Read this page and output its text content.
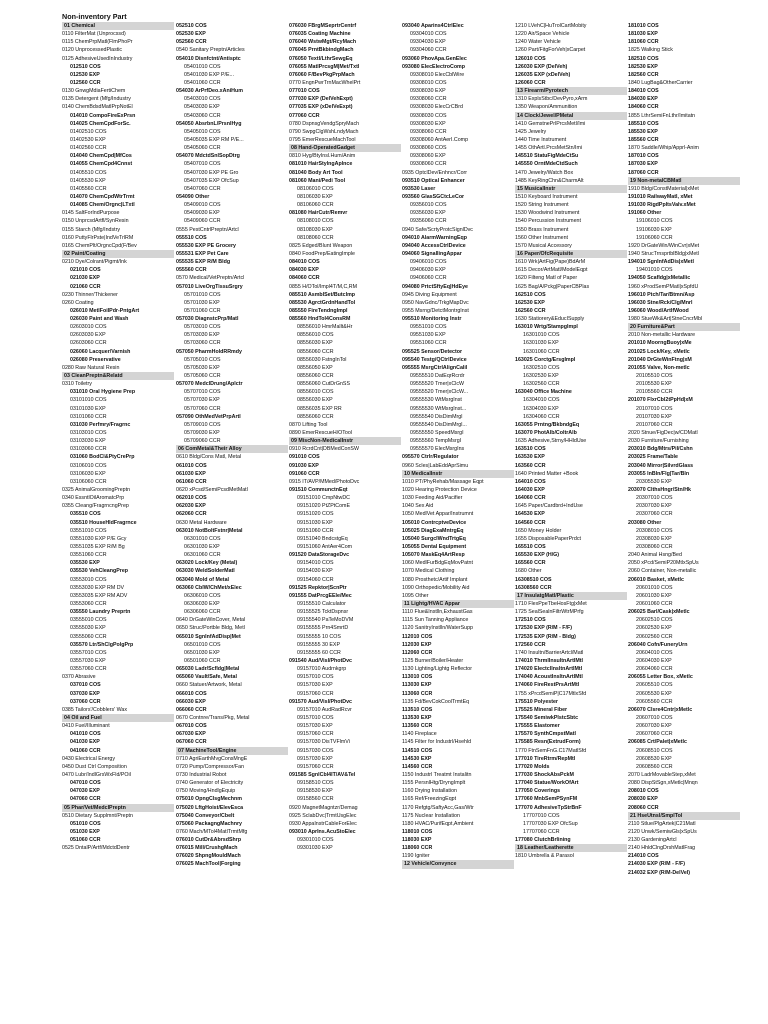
Non-inventory Part
01 Chemical
0110 FilterMat (Unprocssd)
0115 ChemPrpMatl(FlmPhoPr
0120 UnprocessedPlastic
0125 AdhesiveUsedInIndustry
012510 COS
012530 EXP
012560 CCR
0130 GnwgMdiaFertiChem
0135 Detergent (Mfg/Industry
0140 ChemBdsdMatlPrpNotEl
014010 CompoFireExPrsn
014025 ChemCpdForSc.
01402510 COS
01402530 EXP
01402560 CCR
014040 ChemCpd|MfCos
014055 ChemCpd4Cnnst
01405510 COS
01405530 EXP
01405560 CCR
014070 ChemCpdWtrTrmt
014085 Chem/Orgnc|LTxtl
0145 SaltForIndPurpose
0150 UnprcsdArtfl/SynResin
0155 Starch (Mfg/Indstry
0160 PuttyFlrPste|IndVeTrlRM
0165 ChemPlt/OrgncCpd(F/Bev
02 Paint/Coating
0210 Dye/Colrant/Pigmt/Ink
021010 COS
021030 EXP
021060 CCR
0230 Thinner/Thickener
0260 Coating
026010 MetlFoilPdr-PntgArt
026030 Paint and Wash
02603010 COS
02603030 EXP
02603060 CCR
026060 Lacquer/Varnish
026080 Preservative
0280 Raw Natural Resin
03 CleanPreptn&Relatd
0310 Toiletry
031010 Oral Hygiene Prep
03101010 COS
03101030 EXP
03101060 CCR
031030 Perfmry/Fragrnc
03103010 COS
03103030 EXP
03103060 CCR
031060 BodCl&PtyCrePrp
03106010 COS
03106030 EXP
03106060 CCR
0325 AnimalGroomingPreptn
0340 EssntlOilAromatcPrp
0355 Cleang/FragrncngPrep
035510 COS
035510 HouseHldFragrnce
03551010 COS
03551030 EXP P/E Gcy
03551035 EXP R/M Bg
03551060 CCR
035530 EXP
035530 VehCleangPrep
03553010 COS
03553030 EXP RM DV
03553035 EXP RM ADV
03553060 CCR
035550 Laundry Preprtn
03555010 COS
03555030 EXP
03555060 CCR
035570 Ltr/ShClgPolgPrp
03557010 COS
03557030 EXP
03557060 CCR
0370 Abrasive
037010 COS
037030 EXP
037060 CCR
0385 Tailors'/Cobblers' Wax
04 Oil and Fuel
0410 Fuel/Illuminant
041010 COS
041030 EXP
041060 CCR
0430 Electrical Energy
0450 Dust Ctrl Composition
0470 Lubr/IndlGrsWxFld/POil
047010 COS
047030 EXP
047060 CCR
05 Phar/Vet/MedclPreptn
0510 Dietary Supplmnt/Preptn
051010 COS
051030 EXP
051060 CCR
0525 DntalP/Artf/MdctdDentr
052510 COS
052530 EXP
052560 CCR
0540 Sanitary Preptn/Articles
054010 Disnfctnt/Antisptc
05401010 COS
05401030 EXP P/E...
05401060 CCR
054030 ArPrfDeo.xAniHum
05403010 COS
05403030 EXP
05403060 CCR
054050 AbsrbnL/PrsnlHyg
05405010 COS
05405035 EXP RM P/E...
05405060 CCR
054070 MdctdSnlSopDtrg
05407010 COS
05407030 EXP PE Gro
05407035 EXP OfcSup
05407060 CCR
054090 Other
05409010 COS
05409030 EXP
05409060 CCR
0555 PestCntrlPreptn/Artcl
055510 COS
055530 EXP PE Grocery
055531 EXP Pet Care
055535 EXP R/M Bldg
055560 CCR
0570 Medical/VetPreptn/Artcl
057010 LiveOrgTissuSrgry
05701010 COS
05701030 EXP
05701060 CCR
057030 DiagnstcPrp/Matl
05703010 COS
05703030 EXP
05703060 CCR
057050 PharmHoldRRmdy
05705010 COS
05705030 EXP
05705060 CCR
057070 MedclDrung/Aplctr
05707010 COS
05707030 EXP
05707060 CCR
057090 OthMedVetPrpArtl
05709010 COS
05709030 EXP
05709060 CCR
06 ComMetal&Their Alloy
0610 Bldg/Cons Matl, Metal
061010 COS
061030 EXP
061060 CCR
0620 xPcsd/SemiPcsdMetMatl
062010 COS
062030 EXP
062060 CCR
0630 Metal Hardware
063010 NotBoltFstnr|Metal
06301010 COS
06301030 EXP
06301060 CCR
063020 Lock/Key (Metal)
063030 WeldSolderMatl
063040 Mold of Metal
063060 CblW/ChMet/xElec
06306010 COS
06306030 EXP
06306060 CCR
0640 DrGateWinCover, Metal
0650 Struc/Portble Bldg, Metl
065010 SgnInfAdDisp|Met
06501010 COS
06501030 EXP
06501060 CCR
065030 Ladr/Scfldg|Metal
065060 Vault/Safe, Metal
0660 Statuer/Artwork, Metal
066010 COS
066030 EXP
066060 CCR
0670 Contnre/Trans/Pkg, Metal
067010 COS
067030 EXP
067060 CCR
07 MachineTool/Engine
0710 AgriEarthMvgConsMngE
0720 Pump/Compressor/Fan
0730 Industrial Robot
0740 Generator of Electricity
0750 Moving/HndlgEquip
075010 OpngClsgMechnm
075020 LftgHoist/ElevEsca
075040 Conveyor/Cbelt
075060 PackagngMachnry
0760 Mach/MTol4MatlTrmtMfg
076010 CutDr&AbrsdShrp
076015 Mill/CrushgMach
076020 ShpngMouldMach
076025 MachTool|Forging
076030 FBrgMSeprtrCentrf
076035 Coating Machine
076040 WstwMgt/RcyMach
076045 PrntBkbindgMach
076050 Textl/LthrSewgEq
076055 MatlPrcsgM|Met/Txtl
076060 F/BevPkgPrpMach
0770 EngnPwrTrnMacWhelPrt
077010 COS
077030 EXP (DelVehExpt)
077035 EXP (xDelVeExpt)
077060 CCR
0780 DspnsgVendgSpryMach
0790 SwpgClgWshLndyMach
0795 EmerRescueMachTool
08 Hand-OperatedGadget
0810 Hyg/BtyInsl.Hum/Anim
081010 HairStylngAplnce
081040 Body Art Tool
081060 Mani/Pedi Tool
08106010 COS
08106030 EXP
08106060 CCR
081080 HairCutr/Remvr
08108010 COS
08108030 EXP
08108060 CCR
0825 Edged/Blunt Weapon
0840 FoodPrep/EatingImple
084010 COS
084030 EXP
084060 CCR
0855 H/OTol/Impl4T/M,C,RM
085510 AsmblSet/Butclmp
085530 AgrctGrdnHandTol
085550 FireTendngImpl
085560 HndTol4ConsRM
08556010 HmrMallt&Hr
08556010 COS
08556030 EXP
08556060 CCR
08556030 FstngInTol
08556050 EXP
08556060 CCR
08556060 CutDrGnSS
08556010 COS
08556030 EXP
08556035 EXP RR
08556060 CCR
0870 Lifting Tool
0890 EmerRescueH/OTool
09 MiscNon-MedicalInstr
0910 RcrdCnt|DBMedConSW
091010 COS
091030 EXP
091060 CCR
0915 IT/AVP/MMed/PhotoDvc
091510 CommunctnEqt
09151010 CmpNtwDC
09151020 PtZPtComE
09151020 COS
09151030 EXP
09151060 CCR
09151040 BndcstgEq
09151060 AntAer4Com
091520 DataStorageDvc
09154010 COS
09154030 EXP
09154060 CCR
091525 Repktor|ScnPtr
091555 DatPrcgEEle/Mec
09155510 Calculator
09155525 TcktDspnsr
09155540 PaTeMoDVM
09155555 Prn4SmrtD
09155555 10 COS
09155555 30 EXP
09155555 60 CCR
091540 Aud/Visl/PhotDvc
09157010 Audrnkgrp
09157010 COS
09157030 EXP
09157060 CCR
091570 Aud/Visl/PhotDvc
09157010 AudRadRcvr
09157010 COS
09157030 EXP
09157060 CCR
09157030 DisTVFlmVi
09157030 COS
09157030 EXP
09157060 CCR
091585 SgnlCbl4IT/AV&Tel
09158510 COS
09158530 EXP
09158560 CCR
0920 MagnetMagntzr/Demag
0925 SclabDvc|TrmtUsgElec
0930 AppaInstrCableForElec
093010 AprIns.AcuStoElec
09301010 COS
09301030 EXP
093040 Aparins4CtrlElec
09304010 COS
09304030 EXP
09304060 CCR
093060 PhovApa.GenElec
093080 ElecElectroComp
09308010 ElecCblWire
09308010 COS
09308030 EXP
09308060 CCR
09308030 ElecCrCBrd
09308030 COS
09308030 EXP
09308060 CCR
09308060 AntAerI.Comp
09308060 COS
09308060 EXP
09308060 CCR
0935 OptclDev/Enhncr/Corr
093510 Optical Enhancer
093530 Laser
093560 GlasSGCtcLeCor
09356010 COS
09356030 EXP
09356060 CCR
0940 Safe/ScrtyProtcSignlDvc
094010 AlarmWarningEqp
094040 AccessCtrlDevice
094060 SignallingAppar
09406010 COS
09406030 EXP
09406060 CCR
094080 PrtctSftyEq|HdEye
0945 Diving Equipment
0950 NavGdnc/TrkgMapDvc
0955 Msrng/DetctMontrgInst
095510 Monitoring Instr
09551010 COS
09551030 EXP
09551060 CCR
095525 Sensor/Detector
095540 Testg/QCtrlDevice
095555 MsrgCtrlAlignCalil
09555510 DatEqrRcrdr
09555520 Tmer|xClcW
09555520 Tmer|xClcW...
09555530 WtMsrgInst
09555530 WtMsrgInst...
09555540 DisDimMrgl
09555540 DisDimMrgl...
09555550 SpeedMsrgI
09555560 TempMsrgI
09555570 ElecMsrgIns
095570 Ctrlr/Regulator
0960 Scles|LabEddAprSimu
10 MedicalInstr
1010 PT/PhyRehab/Massage Eqpt
1020 Hearing Protection Device
1030 Feeding Aid/Pacifier
1040 Sex Aid
1050 MedlVet Appar/Instrumnt
105010 ContrcptveDevice
105025 DiagExaMntrgEq
105040 SurgclWndTrtgEq
105055 Dental Equipment
105070 MaskEq4ArtResp
1060 MedlFurBdgEqMovPatnt
1070 Medical Clothing
1080 Prosthetc/Artif Implant
1090 Orthopedic/Mobility Aid
1095 Other
11 Lightg/HVAC Appar
1110 Flue&Instlln,ExhaustGas
1115 Sun Tanning Appliance
1120 SanitryInstlln/WaterSupp
112010 COS
112030 EXP
112060 CCR
1125 Burner/Boiler/Heater
1130 Lighting/Lightg Reflector
113010 COS
113030 EXP
113060 CCR
1135 Fd/BevCokCoolTrmtEq
113510 COS
113530 EXP
113560 CCR
1140 Fireplace
1145 Filter for Industrl/Hsehld
114510 COS
114530 EXP
114560 CCR
1150 Industrl Treatmt Instalitn
1155 PersnlHtg/DryngImplt
1160 Drying Installation
1165 Ref/FreezingEqpt
1170 Refgtg/SaftyAcc,Gas/Wtr
1175 Nuclear Installation
1180 HVAC/PurifEqpt,Ambient
118010 COS
118030 EXP
118060 CCR
1190 Igniter
12 Vehicle/Convynce
1210 LVehC|HuTrolCartMobity
1220 Air/Space Vehicle
1240 Water Vehicle
1260 Part/FitgForVeh|xCarpet
126010 COS
126030 EXP (DelVeh)
126035 EXP (xDelVeh)
126060 CCR
13 Firearm/Pyrotech
1310 ExplsStbc/DevPyro,xArm
1350 Weapon/Ammunition
14 Clock/Jewel/PMetal
1410 GemstnePrlPrcsMetl/Imi
1425 Jewelry
1440 Time Instrument
1455 OthArtl.PrcsMetStn/Imi
145510 StatuFigMdeCtSu
145550 OrntMdeCtdSuch
1470 Jewelry/Watch Box
1485 KeyRingChn&CharmAlt
15 MusicalInstr
1510 Keyboard Instrument
1520 String Instrument
1530 Woodwind Instrument
1540 Percussion Instrument
1550 Brass Instrument
1560 Other Instrument
1570 Musical Accessory
16 Paper/OfcRequisite
1610 Wrk|ArtFig(Pape)BdArM
1615 Decor/ArtMatl/ModelEqpt
1620 Filteng Matl of Paper
1625 Bag/A/Pckg|PaperCBPlas
162510 COS
162530 EXP
162560 CCR
1630 Statiorery&EducISupply
163010 Wrtg/StampgImpl
16301010 COS
16301030 EXP
16301060 CCR
163025 Corctg/ErsgImpl
16302510 COS
16302530 EXP
16302560 CCR
163040 Office Machine
16304010 COS
16304030 EXP
16304060 CCR
163055 Prntng/BkbndgEq
163070 PhotAlb/ColtrAlb
1635 Adhesive,Strny/HHldUse
163510 COS
163530 EXP
163560 CCR
1640 Printed Matter +Book
164010 COS
164030 EXP
164060 CCR
1645 Paper/Cardbrd+IndUse
164530 EXP
164560 CCR
1650 Money Holder
1655 DisposablePaperPrdct
165510 COS
165530 EXP (H/G)
165560 CCR
1680 Other
16308510 COS
16308560 CCR
17 InsulatgMatl/Plastic
1710 FlexPpeTbeHosFtg|xMet
1725 SealSealnFiltrWtrMPrfg
172510 COS
172530 EXP (R/M - F/F)
172535 EXP (R/M - Bldg)
172560 CCR
1740 Insultn/BarrierArtcl/Matl
174010 ThrmlInsultnArtlMtl
174020 ElectclInsltnArtlMtl
174040 AcoustInsltnArtlMtl
174060 FireRestPrsArtMtl
1755 xPrcdSemiP|C17MtlxSfd
175510 Polyester
175525 Mineral Fiber
175540 SemiwkPlstcSbtc
175555 Elastomer
175570 SynthCmpstMatl
175585 Resn(ExtrudForm)
1770 FtnSemFnG.C17MatlSfd
177010 TireRtrm/RepMtl
177020 Molds
177030 ShockAbsPckM
177040 Statue/WorkOfArt
177050 Coverings
177060 MnbSemPSynFM
177070 AdhesiveTpStrBnF
17707010 COS
17707030 EXP OfcSup
17707060 CCR
177080 ClutchBrlining
18 Leather/Leatherette
1810 Umbrella & Parasol
181010 COS
181030 EXP
181060 CCR
1825 Walking Stick
182510 COS
182530 EXP
182560 CCR
1840 LugBag&OtherCarrier
184010 COS
184030 EXP
184060 CCR
1855 LthrSemiFnLthr/Imitatn
185510 COS
185530 EXP
185560 CCR
1870 Saddle/Whip/Apprl-Anim
187010 COS
187030 EXP
187060 CCR
19 Non-metalCBMatl
1910 Bldg/ConstMaterial|xMet
191010 RailwayMatl, xMet
191030 RigdPpltsValv.xMet
191060 Other
19106010 COS
19106030 EXP
19106060 CCR
1920 DrGateWin/WinCvr|xMet
1940 StrucTrnsprtblBldg|xMetl
194010 SgnInfAdDis|xMetl
19401010 COS
194050 Scafldg|xMetallic
1960 xProdSemPMatl|xSpfdU
196010 Ptch/Tar/Btmn/Asp
196030 Stne/Rck/Clg/Mnrl
196060 Wood/ArtlfWood
1980 StueWk&Art|StneCncrMbl
20 Furniture&Part
2010 Non-metallic Hardware
201010 MoorngBuoy|xMe
201025 Lock/Key, xMetlc
201040 DrGteWinFtng|xM
201055 Valve, Non-metlc
20105510 COS
20105530 EXP
20105560 CCR
201070 FlxrCbl2tPpHd|xM
20107010 COS
20107030 EXP
20107060 CCR
2020 Stnue/FigDec|w/CDMatl
2030 Furniture/Furnishing
203010 Bdg/Mtrs/Pil/Cshn
203025 Frame/Table
203040 Mirror|SilvrdGlass
203055 InBln/Flg|Tar/Bln
20305530 EXP
203070 ClthsHngr/Stn/Hk
20307010 COS
20307030 EXP
20307060 CCR
203080 Other
20308010 COS
20308030 EXP
20308060 CCR
2040 Animal Hsng/Bed
2050 xPcd/SemiP20MtlxSpUs
2060 Container, Non-metallic
206010 Basket, xMetlc
20601010 COS
20601030 EXP
20601060 CCR
206025 Barl/Cask|xMetlc
20602510 COS
20602530 EXP
20602560 CCR
206040 Cofn/FuneryUrn
20604010 COS
20604030 EXP
20604060 CCR
206055 Letter Box, xMetlc
20605510 COS
20605530 EXP
20605560 CCR
206070 Clsre4Cntr|xMetlc
20607010 COS
20607030 EXP
20607060 CCR
206085 Crt/Palet|xMetlc
20608510 COS
20608530 EXP
20608560 CCR
2070 LadrMovableStep,xMet
2080 DispStSgn,xMetlc|Mnqn
208010 COS
208030 EXP
208060 CCR
21 HseUtnsl/SmplTol
2110 Stlue/PlgArtek|C21Matl
2120 Unwk/SemiwGls|xSpUs
2130 GardeningArtcl
2140 HhldClngDrshMatlFrag
214010 COS
214030 EXP (R/M - F/F)
214032 EXP (R/M-DelVeI)
